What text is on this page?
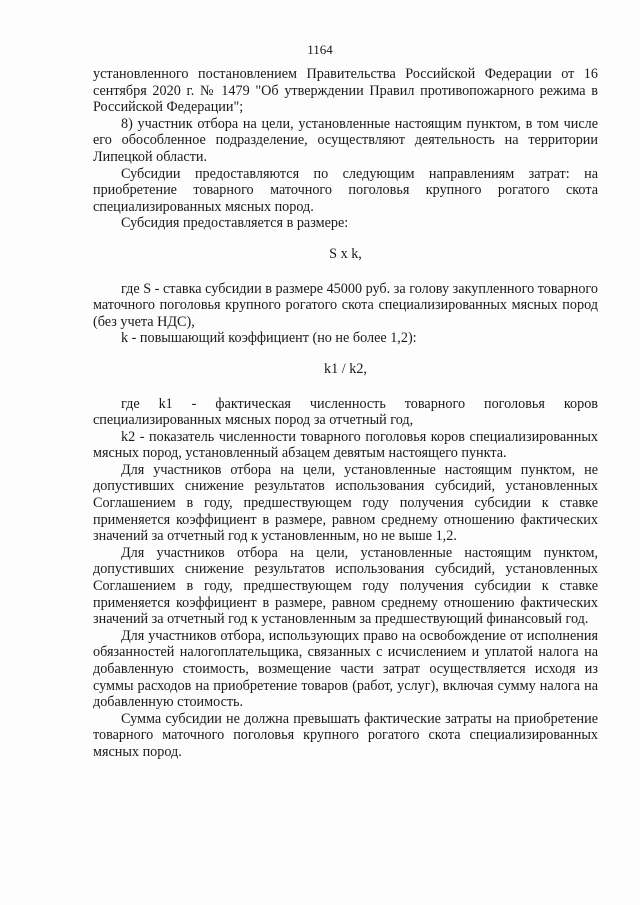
1164

установленного постановлением Правительства Российской Федерации от 16 сентября 2020 г. № 1479 "Об утверждении Правил противопожарного режима в Российской Федерации";

8) участник отбора на цели, установленные настоящим пунктом, в том числе его обособленное подразделение, осуществляют деятельность на территории Липецкой области.

Субсидии предоставляются по следующим направлениям затрат: на приобретение товарного маточного поголовья крупного рогатого скота специализированных мясных пород.

Субсидия предоставляется в размере:

S x k,

где S - ставка субсидии в размере 45000 руб. за голову закупленного товарного маточного поголовья крупного рогатого скота специализированных мясных пород (без учета НДС),

k - повышающий коэффициент (но не более 1,2):

k1 / k2,

где k1 - фактическая численность товарного поголовья коров специализированных мясных пород за отчетный год,

k2 - показатель численности товарного поголовья коров специализированных мясных пород, установленный абзацем девятым настоящего пункта.

Для участников отбора на цели, установленные настоящим пунктом, не допустивших снижение результатов использования субсидий, установленных Соглашением в году, предшествующем году получения субсидии к ставке применяется коэффициент в размере, равном среднему отношению фактических значений за отчетный год к установленным, но не выше 1,2.

Для участников отбора на цели, установленные настоящим пунктом, допустивших снижение результатов использования субсидий, установленных Соглашением в году, предшествующем году получения субсидии к ставке применяется коэффициент в размере, равном среднему отношению фактических значений за отчетный год к установленным за предшествующий финансовый год.

Для участников отбора, использующих право на освобождение от исполнения обязанностей налогоплательщика, связанных с исчислением и уплатой налога на добавленную стоимость, возмещение части затрат осуществляется исходя из суммы расходов на приобретение товаров (работ, услуг), включая сумму налога на добавленную стоимость.

Сумма субсидии не должна превышать фактические затраты на приобретение товарного маточного поголовья крупного рогатого скота специализированных мясных пород.
